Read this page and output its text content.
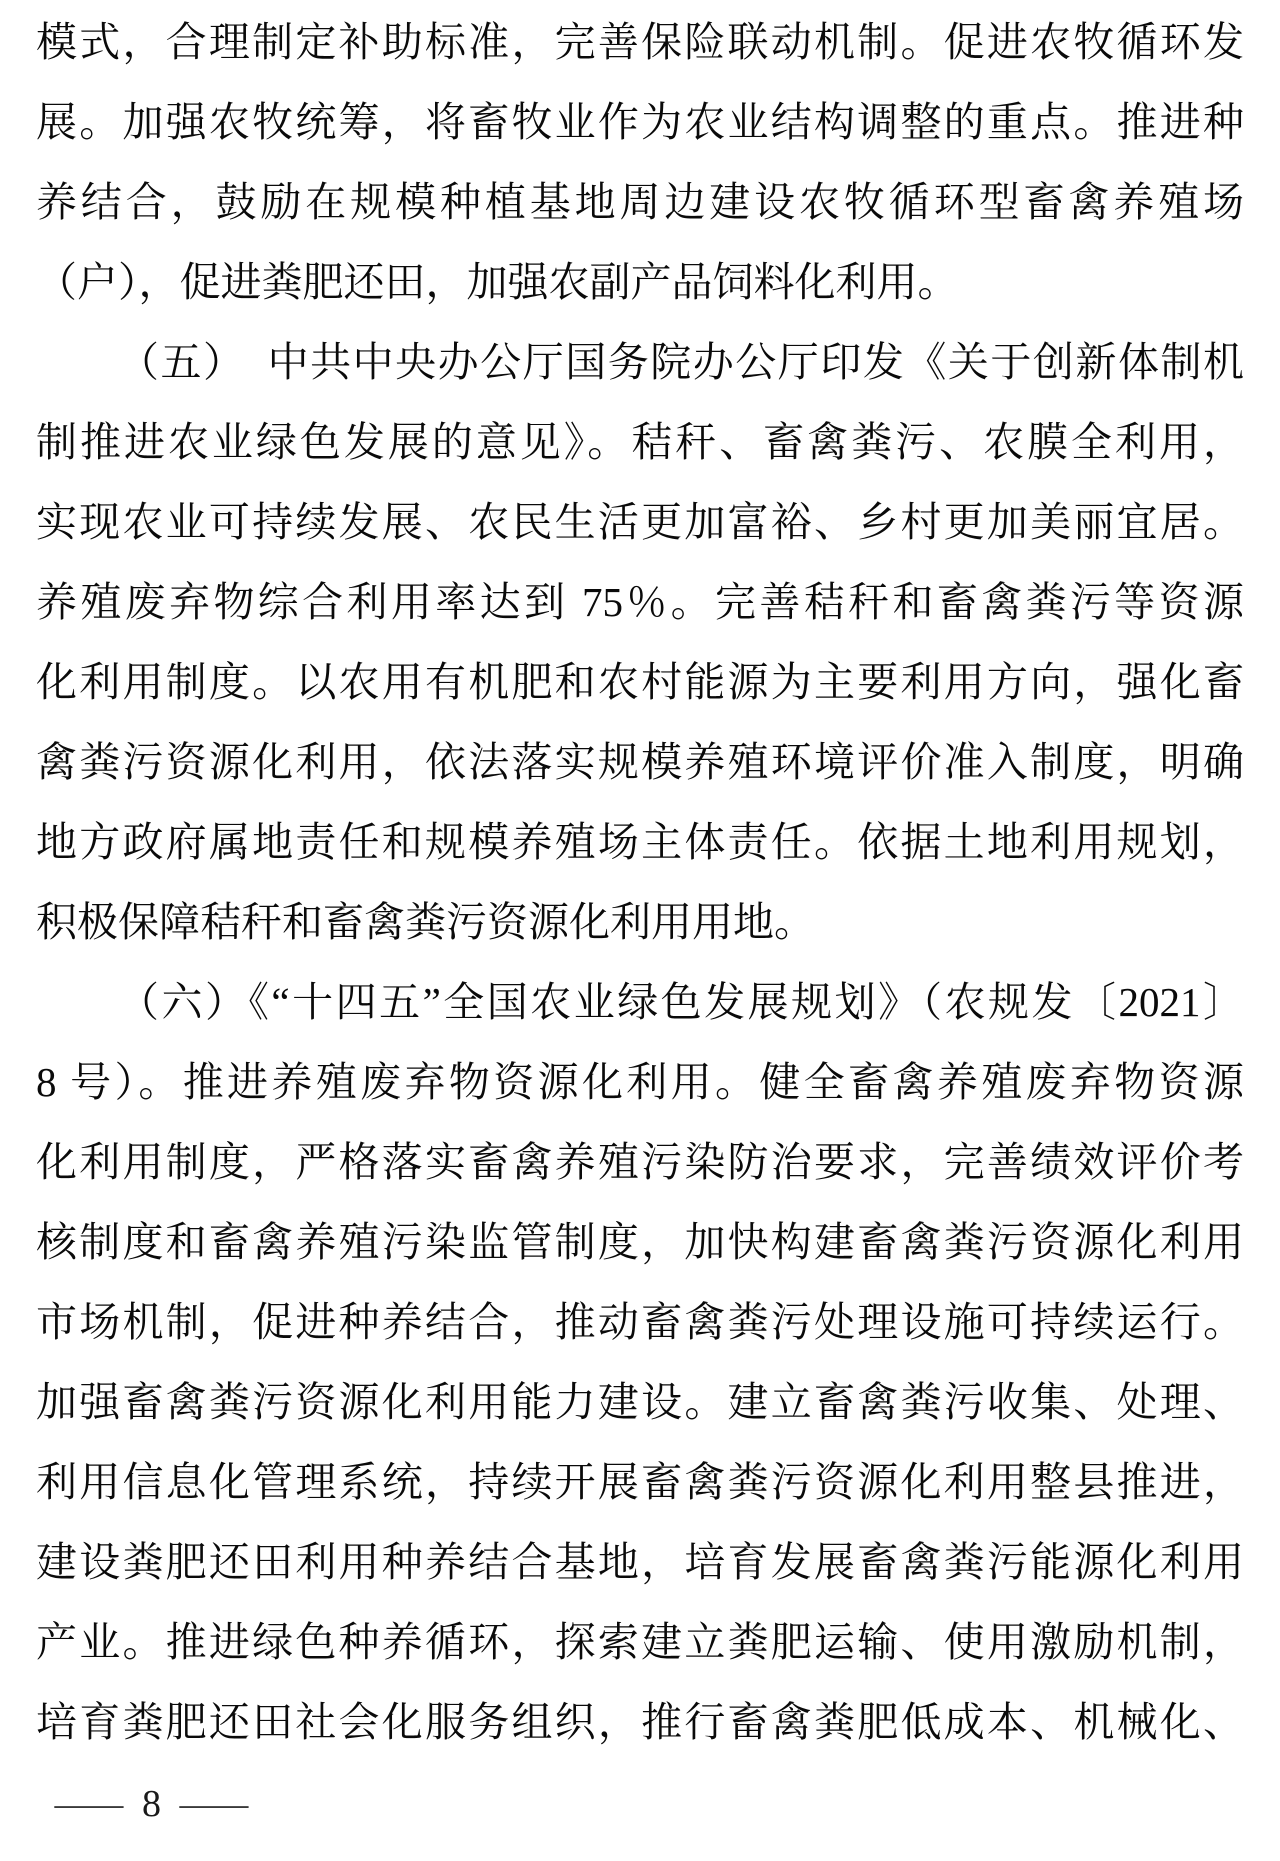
模式，合理制定补助标准，完善保险联动机制。促进农牧循环发

展。加强农牧统筹，将畜牧业作为农业结构调整的重点。推进种

养结合，鼓励在规模种植基地周边建设农牧循环型畜禽养殖场

（户），促进粪肥还田，加强农副产品饲料化利用。

（五）　中共中央办公厅国务院办公厅印发《关于创新体制机

制推进农业绿色发展的意见》。秸秆、畜禽粪污、农膜全利用，

实现农业可持续发展、农民生活更加富裕、乡村更加美丽宜居。

养殖废弃物综合利用率达到 75％。完善秸秆和畜禽粪污等资源

化利用制度。以农用有机肥和农村能源为主要利用方向，强化畜

禽粪污资源化利用，依法落实规模养殖环境评价准入制度，明确

地方政府属地责任和规模养殖场主体责任。依据土地利用规划，

积极保障秸秆和畜禽粪污资源化利用用地。

（六）《“十四五”全国农业绿色发展规划》（农规发〔2021〕

8 号）。推进养殖废弃物资源化利用。健全畜禽养殖废弃物资源

化利用制度，严格落实畜禽养殖污染防治要求，完善绩效评价考

核制度和畜禽养殖污染监管制度，加快构建畜禽粪污资源化利用

市场机制，促进种养结合，推动畜禽粪污处理设施可持续运行。

加强畜禽粪污资源化利用能力建设。建立畜禽粪污收集、处理、

利用信息化管理系统，持续开展畜禽粪污资源化利用整县推进，

建设粪肥还田利用种养结合基地，培育发展畜禽粪污能源化利用

产业。推进绿色种养循环，探索建立粪肥运输、使用激励机制，

培育粪肥还田社会化服务组织，推行畜禽粪肥低成本、机械化、

— 8 —
